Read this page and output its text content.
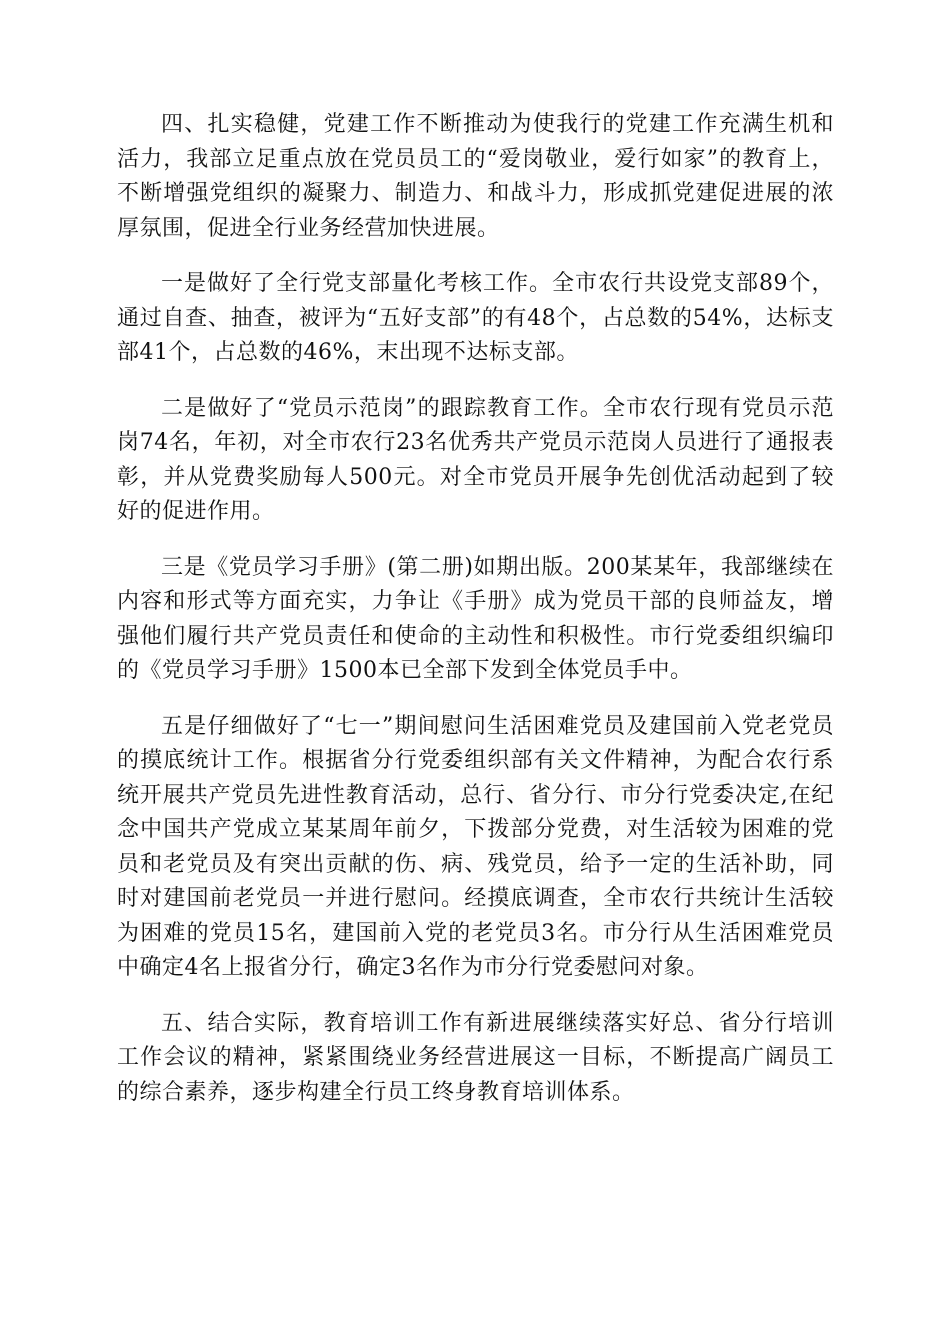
四、扎实稳健，党建工作不断推动为使我行的党建工作充满生机和活力，我部立足重点放在党员员工的“爱岗敬业，爱行如家”的教育上，不断增强党组织的凝聚力、制造力、和战斗力，形成抓党建促进展的浓厚氛围，促进全行业务经营加快进展。

一是做好了全行党支部量化考核工作。全市农行共设党支部89个，通过自查、抽查，被评为“五好支部”的有48个，占总数的54%，达标支部41个，占总数的46%，末出现不达标支部。

二是做好了“党员示范岗”的跟踪教育工作。全市农行现有党员示范岗74名，年初，对全市农行23名优秀共产党员示范岗人员进行了通报表彰，并从党费奖励每人500元。对全市党员开展争先创优活动起到了较好的促进作用。

三是《党员学习手册》(第二册)如期出版。200某某年，我部继续在内容和形式等方面充实，力争让《手册》成为党员干部的良师益友，增强他们履行共产党员责任和使命的主动性和积极性。市行党委组织编印的《党员学习手册》1500本已全部下发到全体党员手中。

五是仔细做好了“七一”期间慰问生活困难党员及建国前入党老党员的摸底统计工作。根据省分行党委组织部有关文件精神，为配合农行系统开展共产党员先进性教育活动，总行、省分行、市分行党委决定,在纪念中国共产党成立某某周年前夕，下拨部分党费，对生活较为困难的党员和老党员及有突出贡献的伤、病、残党员，给予一定的生活补助，同时对建国前老党员一并进行慰问。经摸底调查，全市农行共统计生活较为困难的党员15名，建国前入党的老党员3名。市分行从生活困难党员中确定4名上报省分行，确定3名作为市分行党委慰问对象。

五、结合实际，教育培训工作有新进展继续落实好总、省分行培训工作会议的精神，紧紧围绕业务经营进展这一目标，不断提高广阔员工的综合素养，逐步构建全行员工终身教育培训体系。
